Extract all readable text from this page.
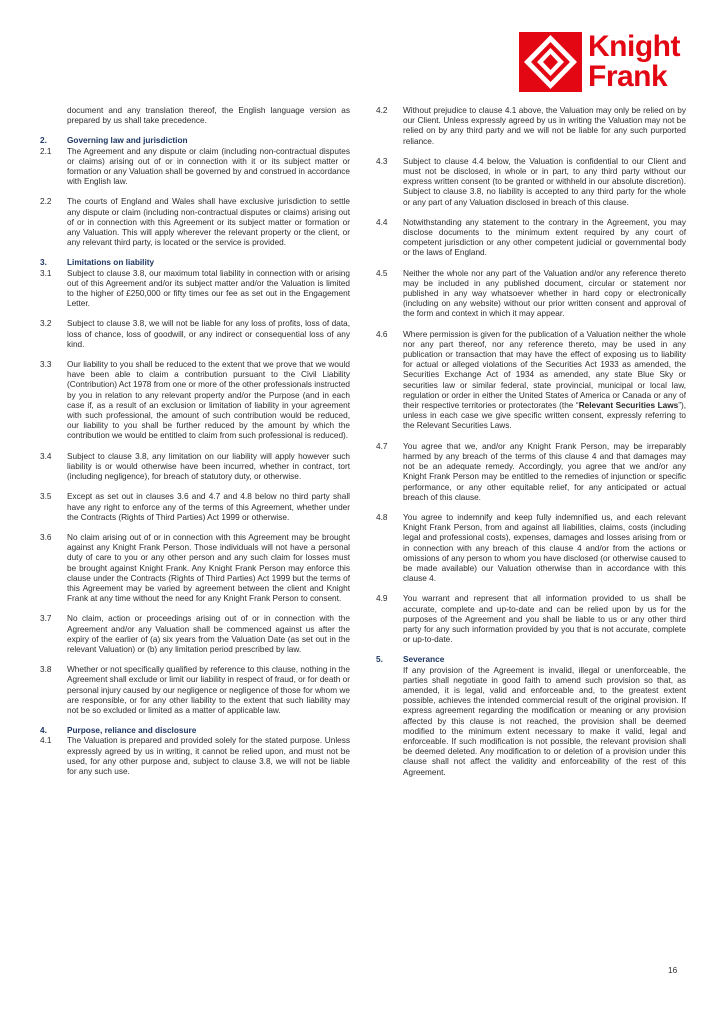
Knight
Frank
document and any translation thereof, the English language version as prepared by us shall take precedence.
2. Governing law and jurisdiction
2.1 The Agreement and any dispute or claim (including non-contractual disputes or claims) arising out of or in connection with it or its subject matter or formation or any Valuation shall be governed by and construed in accordance with English law.
2.2 The courts of England and Wales shall have exclusive jurisdiction to settle any dispute or claim (including non-contractual disputes or claims) arising out of or in connection with this Agreement or its subject matter or formation or any Valuation. This will apply wherever the relevant property or the client, or any relevant third party, is located or the service is provided.
3. Limitations on liability
3.1 Subject to clause 3.8, our maximum total liability in connection with or arising out of this Agreement and/or its subject matter and/or the Valuation is limited to the higher of £250,000 or fifty times our fee as set out in the Engagement Letter.
3.2 Subject to clause 3.8, we will not be liable for any loss of profits, loss of data, loss of chance, loss of goodwill, or any indirect or consequential loss of any kind.
3.3 Our liability to you shall be reduced to the extent that we prove that we would have been able to claim a contribution pursuant to the Civil Liability (Contribution) Act 1978 from one or more of the other professionals instructed by you in relation to any relevant property and/or the Purpose (and in each case if, as a result of an exclusion or limitation of liability in your agreement with such professional, the amount of such contribution would be reduced, our liability to you shall be further reduced by the amount by which the contribution we would be entitled to claim from such professional is reduced).
3.4 Subject to clause 3.8, any limitation on our liability will apply however such liability is or would otherwise have been incurred, whether in contract, tort (including negligence), for breach of statutory duty, or otherwise.
3.5 Except as set out in clauses 3.6 and 4.7 and 4.8 below no third party shall have any right to enforce any of the terms of this Agreement, whether under the Contracts (Rights of Third Parties) Act 1999 or otherwise.
3.6 No claim arising out of or in connection with this Agreement may be brought against any Knight Frank Person. Those individuals will not have a personal duty of care to you or any other person and any such claim for losses must be brought against Knight Frank. Any Knight Frank Person may enforce this clause under the Contracts (Rights of Third Parties) Act 1999 but the terms of this Agreement may be varied by agreement between the client and Knight Frank at any time without the need for any Knight Frank Person to consent.
3.7 No claim, action or proceedings arising out of or in connection with the Agreement and/or any Valuation shall be commenced against us after the expiry of the earlier of (a) six years from the Valuation Date (as set out in the relevant Valuation) or (b) any limitation period prescribed by law.
3.8 Whether or not specifically qualified by reference to this clause, nothing in the Agreement shall exclude or limit our liability in respect of fraud, or for death or personal injury caused by our negligence or negligence of those for whom we are responsible, or for any other liability to the extent that such liability may not be so excluded or limited as a matter of applicable law.
4. Purpose, reliance and disclosure
4.1 The Valuation is prepared and provided solely for the stated purpose. Unless expressly agreed by us in writing, it cannot be relied upon, and must not be used, for any other purpose and, subject to clause 3.8, we will not be liable for any such use.
4.2 Without prejudice to clause 4.1 above, the Valuation may only be relied on by our Client. Unless expressly agreed by us in writing the Valuation may not be relied on by any third party and we will not be liable for any such purported reliance.
4.3 Subject to clause 4.4 below, the Valuation is confidential to our Client and must not be disclosed, in whole or in part, to any third party without our express written consent (to be granted or withheld in our absolute discretion). Subject to clause 3.8, no liability is accepted to any third party for the whole or any part of any Valuation disclosed in breach of this clause.
4.4 Notwithstanding any statement to the contrary in the Agreement, you may disclose documents to the minimum extent required by any court of competent jurisdiction or any other competent judicial or governmental body or the laws of England.
4.5 Neither the whole nor any part of the Valuation and/or any reference thereto may be included in any published document, circular or statement nor published in any way whatsoever whether in hard copy or electronically (including on any website) without our prior written consent and approval of the form and context in which it may appear.
4.6 Where permission is given for the publication of a Valuation neither the whole nor any part thereof, nor any reference thereto, may be used in any publication or transaction that may have the effect of exposing us to liability for actual or alleged violations of the Securities Act 1933 as amended, the Securities Exchange Act of 1934 as amended, any state Blue Sky or securities law or similar federal, state provincial, municipal or local law, regulation or order in either the United States of America or Canada or any of their respective territories or protectorates (the “Relevant Securities Laws”), unless in each case we give specific written consent, expressly referring to the Relevant Securities Laws.
4.7 You agree that we, and/or any Knight Frank Person, may be irreparably harmed by any breach of the terms of this clause 4 and that damages may not be an adequate remedy. Accordingly, you agree that we and/or any Knight Frank Person may be entitled to the remedies of injunction or specific performance, or any other equitable relief, for any anticipated or actual breach of this clause.
4.8 You agree to indemnify and keep fully indemnified us, and each relevant Knight Frank Person, from and against all liabilities, claims, costs (including legal and professional costs), expenses, damages and losses arising from or in connection with any breach of this clause 4 and/or from the actions or omissions of any person to whom you have disclosed (or otherwise caused to be made available) our Valuation otherwise than in accordance with this clause 4.
4.9 You warrant and represent that all information provided to us shall be accurate, complete and up-to-date and can be relied upon by us for the purposes of the Agreement and you shall be liable to us or any other third party for any such information provided by you that is not accurate, complete or up-to-date.
5. Severance
If any provision of the Agreement is invalid, illegal or unenforceable, the parties shall negotiate in good faith to amend such provision so that, as amended, it is legal, valid and enforceable and, to the greatest extent possible, achieves the intended commercial result of the original provision. If express agreement regarding the modification or meaning or any provision affected by this clause is not reached, the provision shall be deemed modified to the minimum extent necessary to make it valid, legal and enforceable. If such modification is not possible, the relevant provision shall be deemed deleted. Any modification to or deletion of a provision under this clause shall not affect the validity and enforceability of the rest of this Agreement.
16
